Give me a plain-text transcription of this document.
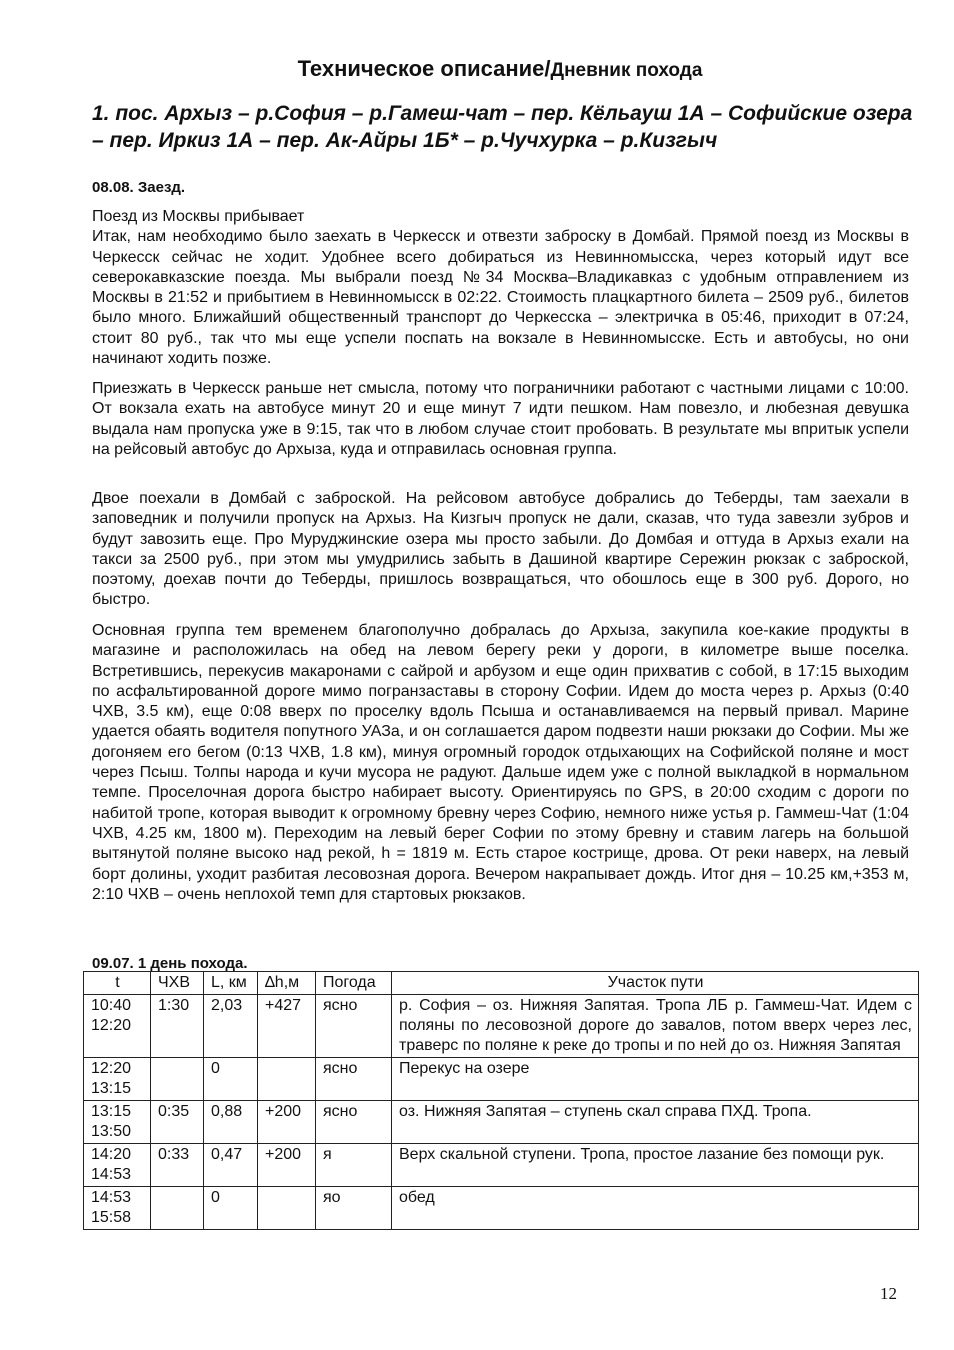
Техническое описание/Дневник похода
1. пос. Архыз – р.София – р.Гамеш-чат – пер. Кёльауш 1А – Софийские озера – пер. Иркиз 1А – пер. Ак-Айры 1Б* – р.Чучхурка – р.Кизгыч
08.08. Заезд.

Поезд из Москвы прибывает

Итак, нам необходимо было заехать в Черкесск и отвезти заброску в Домбай. Прямой поезд из Москвы в Черкесск сейчас не ходит. Удобнее всего добираться из Невинномысска, через который идут все северокавказские поезда. Мы выбрали поезд №34 Москва–Владикавказ с удобным отправлением из Москвы в 21:52 и прибытием в Невинномысск в 02:22. Стоимость плацкартного билета – 2509 руб., билетов было много. Ближайший общественный транспорт до Черкесска – электричка в 05:46, приходит в 07:24, стоит 80 руб., так что мы еще успели поспать на вокзале в Невинномысске. Есть и автобусы, но они начинают ходить позже.

Приезжать в Черкесск раньше нет смысла, потому что пограничники работают с частными лицами с 10:00. От вокзала ехать на автобусе минут 20 и еще минут 7 идти пешком. Нам повезло, и любезная девушка выдала нам пропуска уже в 9:15, так что в любом случае стоит пробовать. В результате мы впритык успели на рейсовый автобус до Архыза, куда и отправилась основная группа.
Двое поехали в Домбай с заброской. На рейсовом автобусе добрались до Теберды, там заехали в заповедник и получили пропуск на Архыз. На Кизгыч пропуск не дали, сказав, что туда завезли зубров и будут завозить еще. Про Муруджинские озера мы просто забыли. До Домбая и оттуда в Архыз ехали на такси за 2500 руб., при этом мы умудрились забыть в Дашиной квартире Сережин рюкзак с заброской, поэтому, доехав почти до Теберды, пришлось возвращаться, что обошлось еще в 300 руб. Дорого, но быстро.
Основная группа тем временем благополучно добралась до Архыза, закупила кое-какие продукты в магазине и расположилась на обед на левом берегу реки у дороги, в километре выше поселка. Встретившись, перекусив макаронами с сайрой и арбузом и еще один прихватив с собой, в 17:15 выходим по асфальтированной дороге мимо погранзаставы в сторону Софии. Идем до моста через р. Архыз (0:40 ЧХВ, 3.5 км), еще 0:08 вверх по проселку вдоль Псыша и останавливаемся на первый привал. Марине удается обаять водителя попутного УАЗа, и он соглашается даром подвезти наши рюкзаки до Софии. Мы же догоняем его бегом (0:13 ЧХВ, 1.8 км), минуя огромный городок отдыхающих на Софийской поляне и мост через Псыш. Толпы народа и кучи мусора не радуют. Дальше идем уже с полной выкладкой в нормальном темпе. Проселочная дорога быстро набирает высоту. Ориентируясь по GPS, в 20:00 сходим с дороги по набитой тропе, которая выводит к огромному бревну через Софию, немного ниже устья р. Гаммеш-Чат (1:04 ЧХВ, 4.25 км, 1800 м). Переходим на левый берег Софии по этому бревну и ставим лагерь на большой вытянутой поляне высоко над рекой, h = 1819 м. Есть старое кострище, дрова. От реки наверх, на левый борт долины, уходит разбитая лесовозная дорога. Вечером накрапывает дождь. Итог дня – 10.25 км,+353 м, 2:10 ЧХВ – очень неплохой темп для стартовых рюкзаков.
09.07. 1 день похода.
t	ЧХВ	L, км	∆h,м	Погода	Участок пути

10:40
12:20	1:30	2,03	+427	ясно	р. София – оз. Нижняя Запятая. Тропа ЛБ р. Гаммеш-Чат. Идем с поляны по лесовозной дороге до завалов, потом вверх через лес, траверс по поляне к реке до тропы и по ней до оз. Нижняя Запятая

12:20
13:15		0		ясно	Перекус на озере

13:15
13:50	0:35	0,88	+200	ясно	оз. Нижняя Запятая – ступень скал справа ПХД. Тропа.

14:20
14:53	0:33	0,47	+200	я	Верх скальной ступени. Тропа, простое лазание без помощи рук.

14:53
15:58		0		яо	обед
12
